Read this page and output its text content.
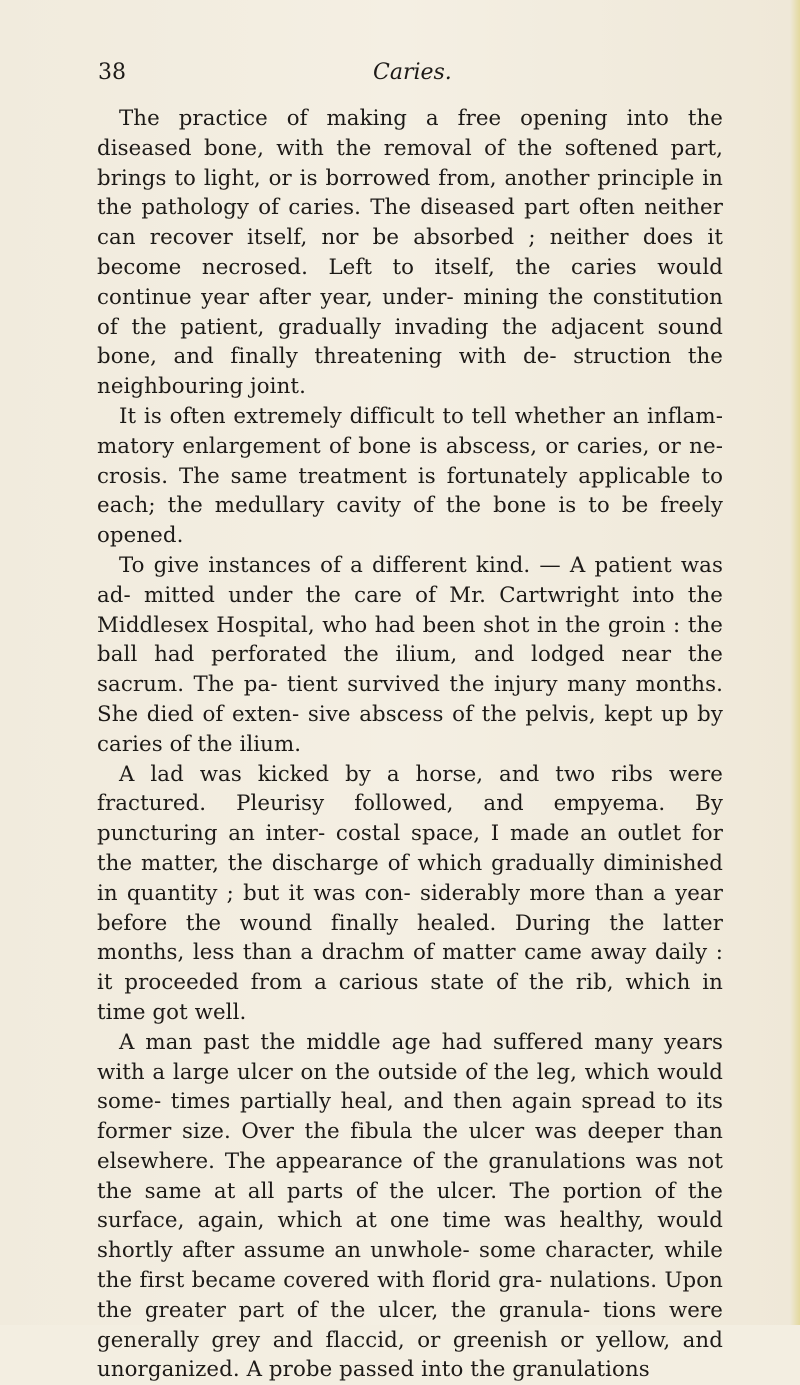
38	Caries.

The practice of making a free opening into the diseased bone, with the removal of the softened part, brings to light, or is borrowed from, another principle in the pathology of caries. The diseased part often neither can recover itself, nor be absorbed ; neither does it become necrosed. Left to itself, the caries would continue year after year, under- mining the constitution of the patient, gradually invading the adjacent sound bone, and finally threatening with de- struction the neighbouring joint.

It is often extremely difficult to tell whether an inflam- matory enlargement of bone is abscess, or caries, or ne- crosis. The same treatment is fortunately applicable to each; the medullary cavity of the bone is to be freely opened.

To give instances of a different kind. — A patient was ad- mitted under the care of Mr. Cartwright into the Middlesex Hospital, who had been shot in the groin : the ball had perforated the ilium, and lodged near the sacrum. The pa- tient survived the injury many months. She died of exten- sive abscess of the pelvis, kept up by caries of the ilium.

A lad was kicked by a horse, and two ribs were fractured. Pleurisy followed, and empyema. By puncturing an inter- costal space, I made an outlet for the matter, the discharge of which gradually diminished in quantity ; but it was con- siderably more than a year before the wound finally healed. During the latter months, less than a drachm of matter came away daily : it proceeded from a carious state of the rib, which in time got well.

A man past the middle age had suffered many years with a large ulcer on the outside of the leg, which would some- times partially heal, and then again spread to its former size. Over the fibula the ulcer was deeper than elsewhere. The appearance of the granulations was not the same at all parts of the ulcer. The portion of the surface, again, which at one time was healthy, would shortly after assume an unwhole- some character, while the first became covered with florid gra- nulations. Upon the greater part of the ulcer, the granula- tions were generally grey and flaccid, or greenish or yellow, and unorganized. A probe passed into the granulations
